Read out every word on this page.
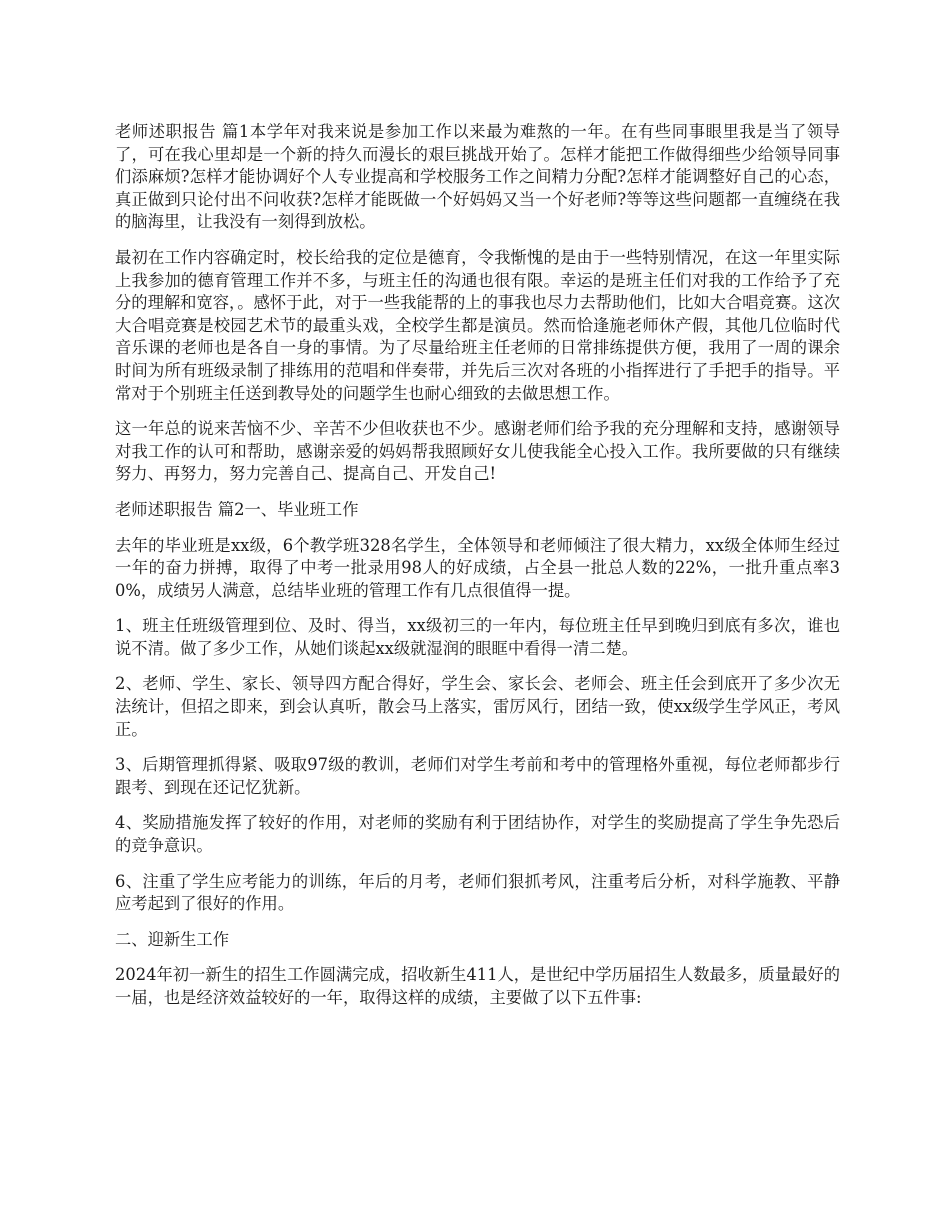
老师述职报告 篇1本学年对我来说是参加工作以来最为难熬的一年。在有些同事眼里我是当了领导了，可在我心里却是一个新的持久而漫长的艰巨挑战开始了。怎样才能把工作做得细些少给领导同事们添麻烦?怎样才能协调好个人专业提高和学校服务工作之间精力分配?怎样才能调整好自己的心态，真正做到只论付出不问收获?怎样才能既做一个好妈妈又当一个好老师?等等这些问题都一直缠绕在我的脑海里，让我没有一刻得到放松。

最初在工作内容确定时，校长给我的定位是德育，令我惭愧的是由于一些特别情况，在这一年里实际上我参加的德育管理工作并不多，与班主任的沟通也很有限。幸运的是班主任们对我的工作给予了充分的理解和宽容，。感怀于此，对于一些我能帮的上的事我也尽力去帮助他们，比如大合唱竞赛。这次大合唱竞赛是校园艺术节的最重头戏，全校学生都是演员。然而恰逢施老师休产假，其他几位临时代音乐课的老师也是各自一身的事情。为了尽量给班主任老师的日常排练提供方便，我用了一周的课余时间为所有班级录制了排练用的范唱和伴奏带，并先后三次对各班的小指挥进行了手把手的指导。平常对于个别班主任送到教导处的问题学生也耐心细致的去做思想工作。

这一年总的说来苦恼不少、辛苦不少但收获也不少。感谢老师们给予我的充分理解和支持，感谢领导对我工作的认可和帮助，感谢亲爱的妈妈帮我照顾好女儿使我能全心投入工作。我所要做的只有继续努力、再努力，努力完善自己、提高自己、开发自己!

老师述职报告 篇2一、毕业班工作

去年的毕业班是xx级，6个教学班328名学生，全体领导和老师倾注了很大精力，xx级全体师生经过一年的奋力拼搏，取得了中考一批录用98人的好成绩，占全县一批总人数的22%，一批升重点率30%，成绩另人满意，总结毕业班的管理工作有几点很值得一提。

1、班主任班级管理到位、及时、得当，xx级初三的一年内，每位班主任早到晚归到底有多次，谁也说不清。做了多少工作，从她们谈起xx级就湿润的眼眶中看得一清二楚。

2、老师、学生、家长、领导四方配合得好，学生会、家长会、老师会、班主任会到底开了多少次无法统计，但招之即来，到会认真听，散会马上落实，雷厉风行，团结一致，使xx级学生学风正，考风正。

3、后期管理抓得紧、吸取97级的教训，老师们对学生考前和考中的管理格外重视，每位老师都步行跟考、到现在还记忆犹新。

4、奖励措施发挥了较好的作用，对老师的奖励有利于团结协作，对学生的奖励提高了学生争先恐后的竞争意识。

6、注重了学生应考能力的训练，年后的月考，老师们狠抓考风，注重考后分析，对科学施教、平静应考起到了很好的作用。

二、迎新生工作

2024年初一新生的招生工作圆满完成，招收新生411人，是世纪中学历届招生人数最多，质量最好的一届，也是经济效益较好的一年，取得这样的成绩，主要做了以下五件事:
